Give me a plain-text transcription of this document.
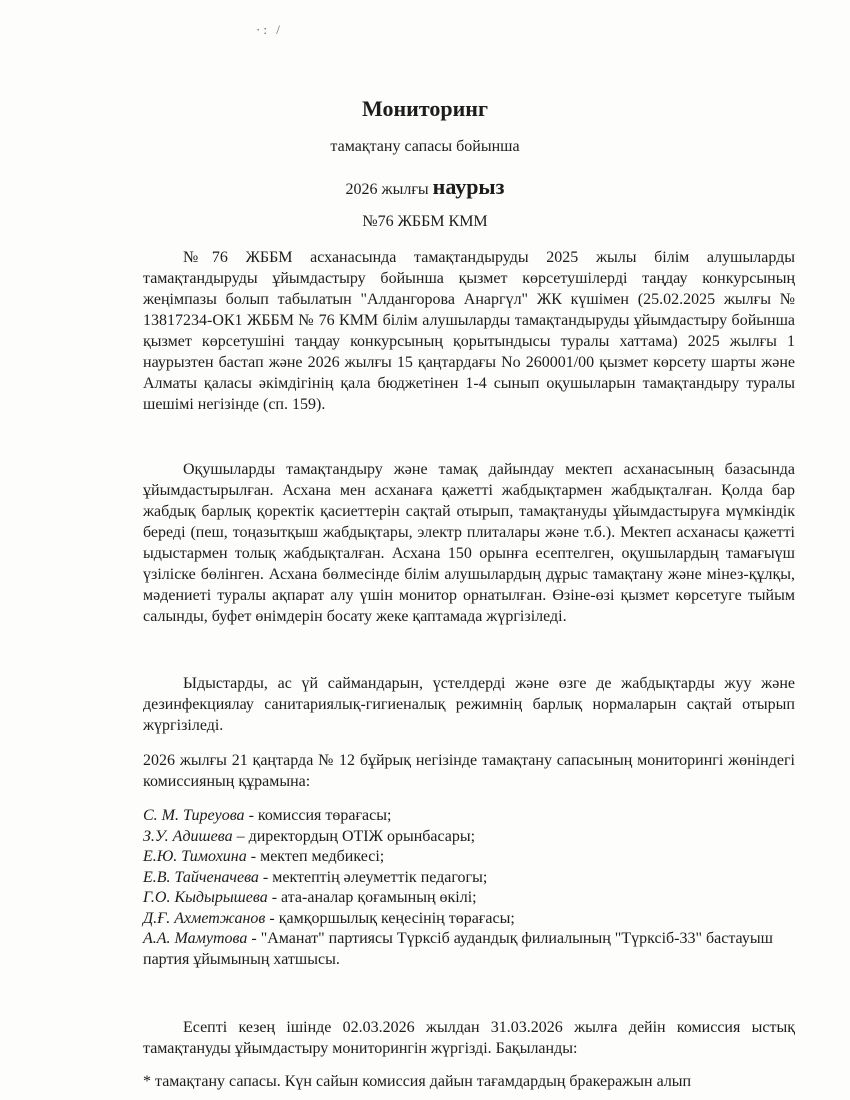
·: /
Мониторинг
тамақтану сапасы бойынша
2026 жылғы наурыз
№76 ЖББМ КММ

№76 ЖББМ асханасында тамақтандыруды 2025 жылы білім алушыларды тамақтандыруды ұйымдастыру бойынша қызмет көрсетушілерді таңдау конкурсының жеңімпазы болып табылатын "Алдангорова Анаргүл" ЖК күшімен (25.02.2025 жылғы № 13817234-ОК1 ЖББМ № 76 КММ білім алушыларды тамақтандыруды ұйымдастыру бойынша қызмет көрсетушіні таңдау конкурсының қорытындысы туралы хаттама) 2025 жылғы 1 наурызтен бастап және 2026 жылғы 15 қаңтардағы No 260001/00 қызмет көрсету шарты және Алматы қаласы әкімдігінің қала бюджетінен 1-4 сынып оқушыларын тамақтандыру туралы шешімі негізінде (сп. 159).

Оқушыларды тамақтандыру және тамақ дайындау мектеп асханасының базасында ұйымдастырылған. Асхана мен асханаға қажетті жабдықтармен жабдықталған. Қолда бар жабдық барлық қоректік қасиеттерін сақтай отырып, тамақтануды ұйымдастыруға мүмкіндік береді (пеш, тоңазытқыш жабдықтары, электр плиталары және т.б.). Мектеп асханасы қажетті ыдыстармен толық жабдықталған. Асхана 150 орынға есептелген, оқушылардың тамағыүш үзіліске бөлінген. Асхана бөлмесінде білім алушылардың дұрыс тамақтану және мінез-құлқы, мәдениеті туралы ақпарат алу үшін монитор орнатылған. Өзіне-өзі қызмет көрсетуге тыйым салынды, буфет өнімдерін босату жеке қаптамада жүргізіледі.

Ыдыстарды, ас үй саймандарын, үстелдерді және өзге де жабдықтарды жуу және дезинфекциялау санитариялық-гигиеналық режимнің барлық нормаларын сақтай отырып жүргізіледі.

2026 жылғы 21 қаңтарда № 12 бұйрық негізінде тамақтану сапасының мониторингі жөніндегі комиссияның құрамына:

С. М. Тиреуова - комиссия төрағасы;
З.У. Адишева – директордың ОТІЖ орынбасары;
Е.Ю. Тимохина - мектеп медбикесі;
Е.В. Тайченачева - мектептің әлеуметтік педагогы;
Г.О. Кыдырышева - ата-аналар қоғамының өкілі;
Д.Ғ. Ахметжанов - қамқоршылық кеңесінің төрағасы;
А.А. Мамутова - "Аманат" партиясы Түрксіб аудандық филиалының "Түрксіб-33" бастауыш партия ұйымының хатшысы.

Есепті кезең ішінде 02.03.2026 жылдан 31.03.2026 жылға дейін комиссия ыстық тамақтануды ұйымдастыру мониторингін жүргізді. Бақыланды:

* тамақтану сапасы. Күн сайын комиссия дайын тағамдардың бракеражын алып
